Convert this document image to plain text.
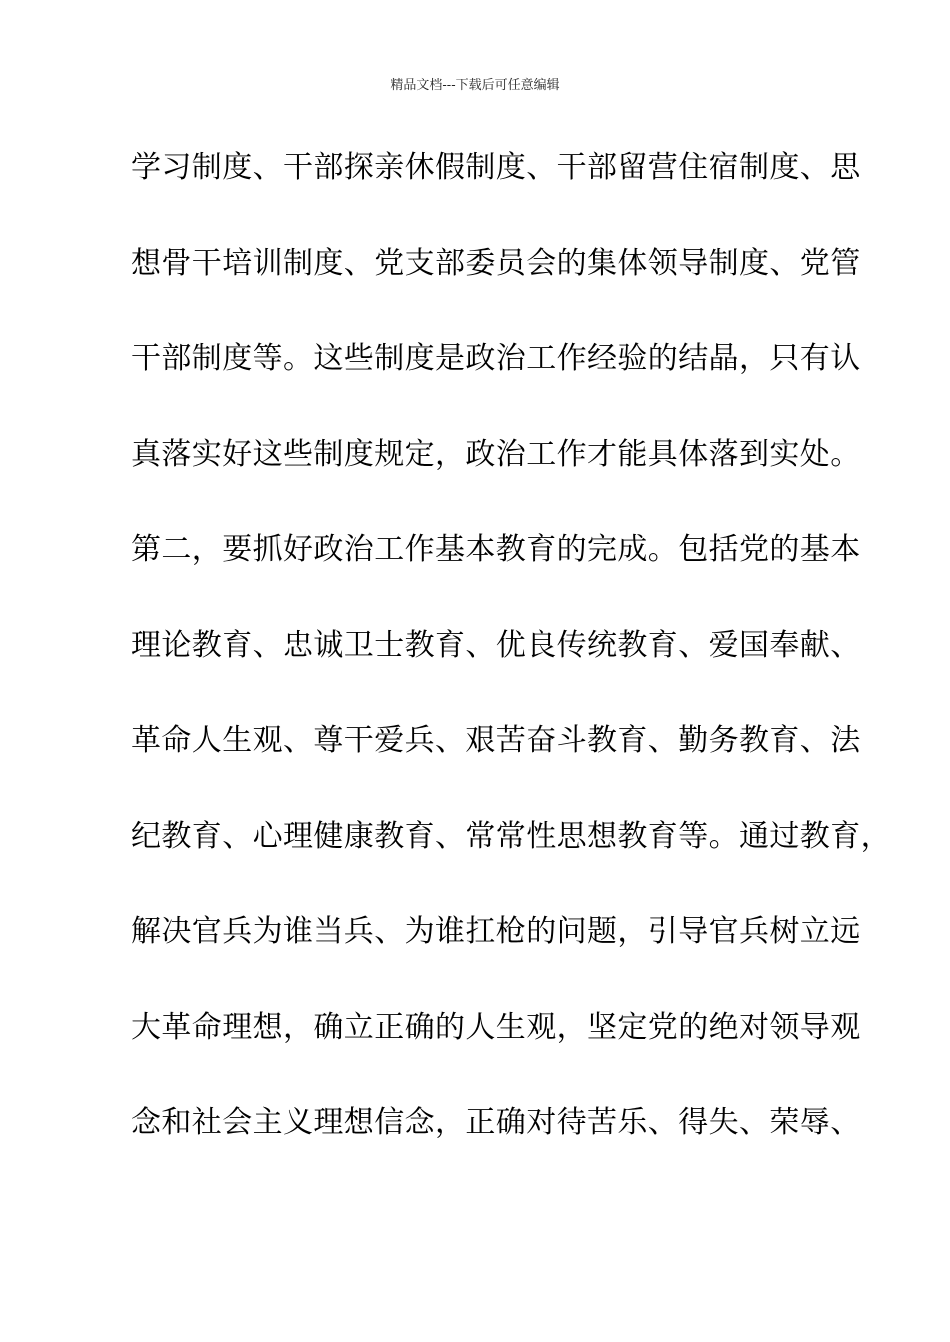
精品文档---下载后可任意编辑
学习制度、干部探亲休假制度、干部留营住宿制度、思
想骨干培训制度、党支部委员会的集体领导制度、党管
干部制度等。这些制度是政治工作经验的结晶，只有认
真落实好这些制度规定，政治工作才能具体落到实处。
第二，要抓好政治工作基本教育的完成。包括党的基本
理论教育、忠诚卫士教育、优良传统教育、爱国奉献、
革命人生观、尊干爱兵、艰苦奋斗教育、勤务教育、法
纪教育、心理健康教育、常常性思想教育等。通过教育，
解决官兵为谁当兵、为谁扛枪的问题，引导官兵树立远
大革命理想，确立正确的人生观，坚定党的绝对领导观
念和社会主义理想信念，正确对待苦乐、得失、荣辱、
